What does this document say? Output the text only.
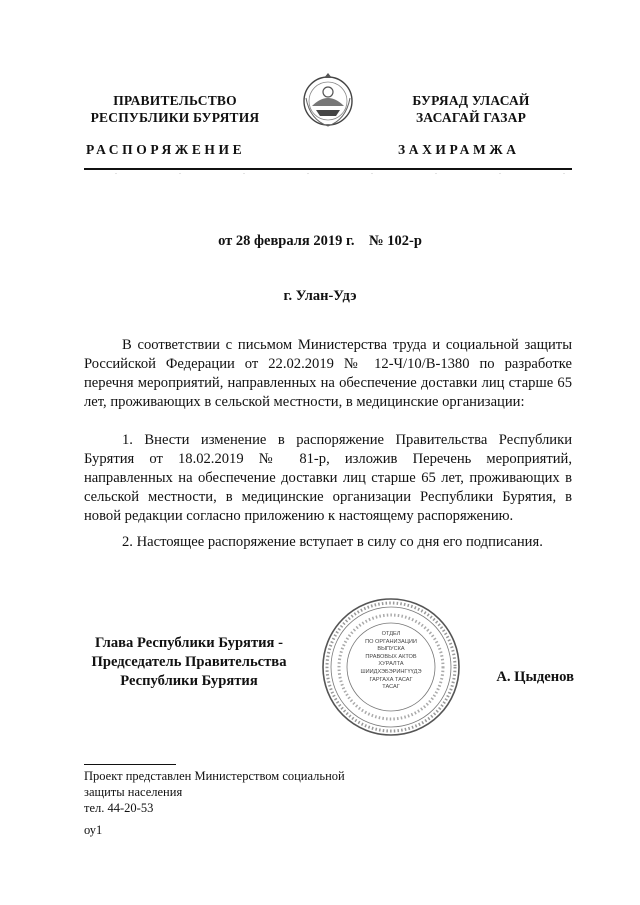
ПРАВИТЕЛЬСТВО
РЕСПУБЛИКИ БУРЯТИЯ
БУРЯАД УЛАСАЙ
ЗАСАГАЙ ГАЗАР
РАСПОРЯЖЕНИЕ	ЗАХИРАМЖА
от 28 февраля 2019 г.    № 102-р
г. Улан-Удэ
В соответствии с письмом Министерства труда и социальной защиты Российской Федерации от 22.02.2019 № 12-Ч/10/В-1380 по разработке перечня мероприятий, направленных на обеспечение доставки лиц старше 65 лет, проживающих в сельской местности, в медицинские организации:
1. Внести изменение в распоряжение Правительства Республики Бурятия от 18.02.2019 № 81-р, изложив Перечень мероприятий, направленных на обеспечение доставки лиц старше 65 лет, проживающих в сельской местности, в медицинские организации Республики Бурятия, в новой редакции согласно приложению к настоящему распоряжению.
2. Настоящее распоряжение вступает в силу со дня его подписания.
Глава Республики Бурятия -
Председатель Правительства
Республики Бурятия
ОТДЕЛ
ПО ОРГАНИЗАЦИИ
ВЫПУСКА
ПРАВОВЫХ АКТОВ
ХУРАЛТА
ШИИДХЭБЭРИНГҮҮДЭ
ГАРГАХА ТАСАГ
ТАСАГ
А. Цыденов
Проект представлен Министерством социальной
защиты населения
тел. 44-20-53
оу1
